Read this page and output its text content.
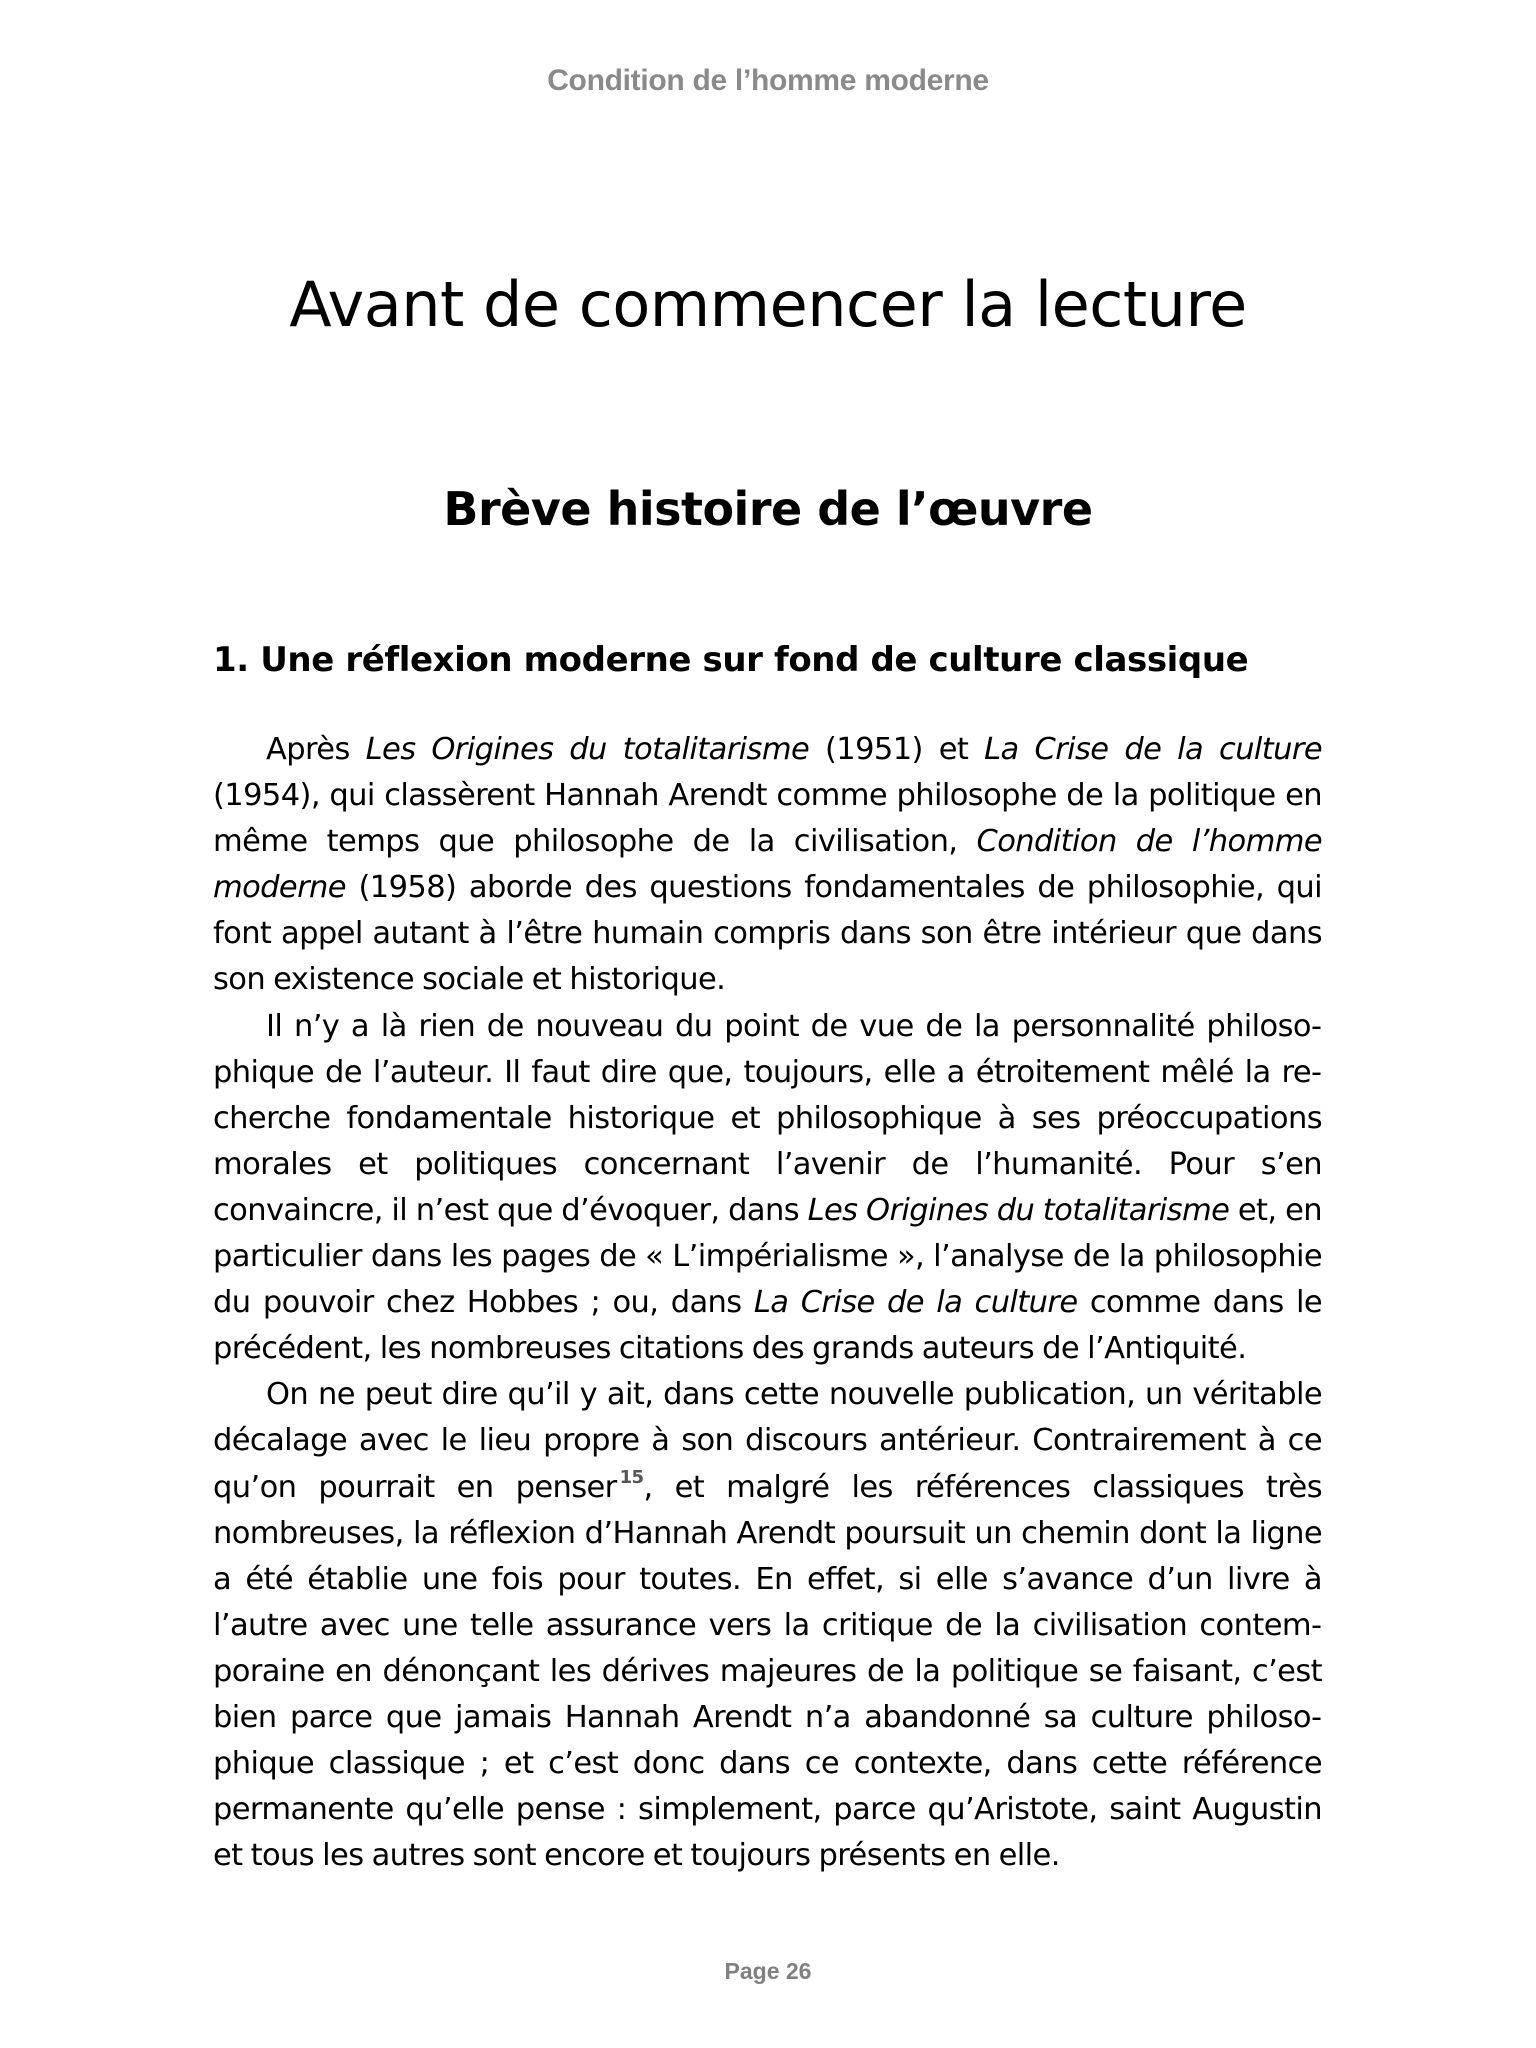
Condition de l’homme moderne
Avant de commencer la lecture
Brève histoire de l’œuvre
1. Une réflexion moderne sur fond de culture classique

Après Les Origines du totalitarisme (1951) et La Crise de la culture (1954), qui classèrent Hannah Arendt comme philosophe de la politique en même temps que philosophe de la civilisation, Condition de l’homme moderne (1958) aborde des questions fondamentales de philosophie, qui font appel autant à l’être humain compris dans son être intérieur que dans son existence sociale et historique.

Il n’y a là rien de nouveau du point de vue de la personnalité philosophique de l’auteur. Il faut dire que, toujours, elle a étroitement mêlé la recherche fondamentale historique et philosophique à ses préoccupations morales et politiques concernant l’avenir de l’humanité. Pour s’en convaincre, il n’est que d’évoquer, dans Les Origines du totalitarisme et, en particulier dans les pages de « L’impérialisme », l’analyse de la philosophie du pouvoir chez Hobbes ; ou, dans La Crise de la culture comme dans le précédent, les nombreuses citations des grands auteurs de l’Antiquité.

On ne peut dire qu’il y ait, dans cette nouvelle publication, un véritable décalage avec le lieu propre à son discours antérieur. Contrairement à ce qu’on pourrait en penser $^{15}$, et malgré les références classiques très nombreuses, la réflexion d’Hannah Arendt poursuit un chemin dont la ligne a été établie une fois pour toutes. En effet, si elle s’avance d’un livre à l’autre avec une telle assurance vers la critique de la civilisation contemporaine en dénonçant les dérives majeures de la politique se faisant, c’est bien parce que jamais Hannah Arendt n’a abandonné sa culture philosophique classique ; et c’est donc dans ce contexte, dans cette référence permanente qu’elle pense : simplement, parce qu’Aristote, saint Augustin et tous les autres sont encore et toujours présents en elle.

Page 26
